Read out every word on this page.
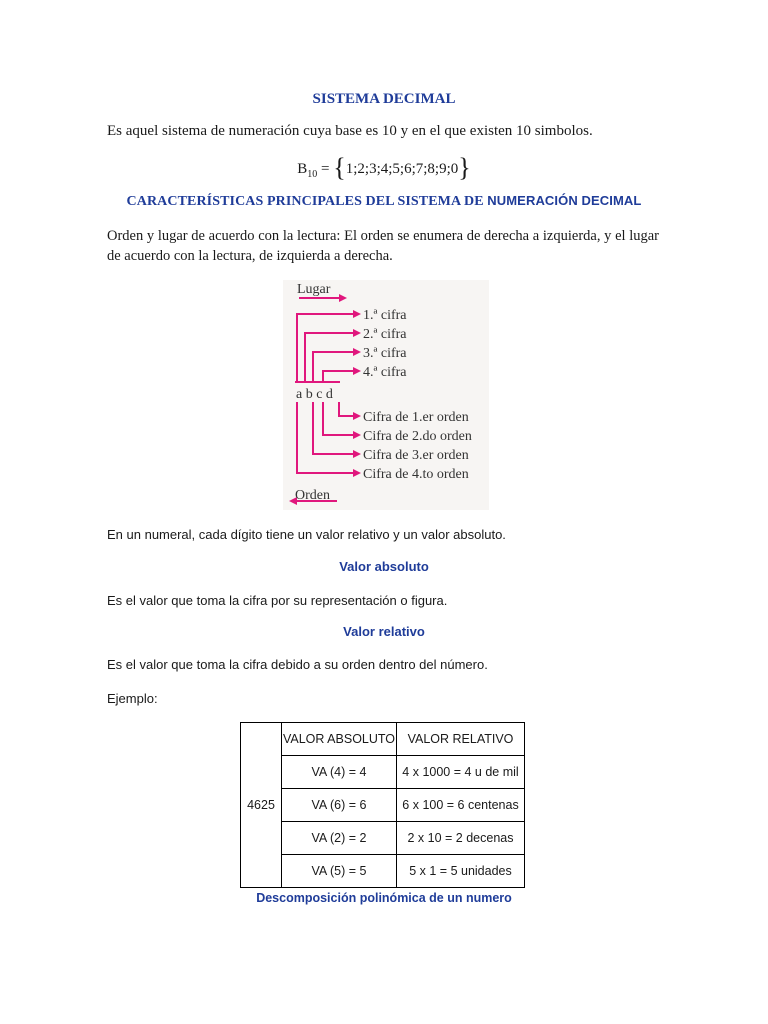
SISTEMA DECIMAL
Es aquel sistema de numeración cuya base es 10 y en el que existen 10 simbolos.
$B_{10}$ = {1;2;3;4;5;6;7;8;9;0}
CARACTERÍSTICAS PRINCIPALES DEL SISTEMA DE NUMERACIÓN DECIMAL
Orden y lugar de acuerdo con la lectura: El orden se enumera de derecha a izquierda, y el lugar de acuerdo con la lectura, de izquierda a derecha.
Lugar
Orden
a b c d
1.ª cifra
2.ª cifra
3.ª cifra
4.ª cifra
Cifra de 1.er orden
Cifra de 2.do orden
Cifra de 3.er orden
Cifra de 4.to orden
En un numeral, cada dígito tiene un valor relativo y un valor absoluto.
Valor absoluto
Es el valor que toma la cifra por su representación o figura.
Valor relativo
Es el valor que toma la cifra debido a su orden dentro del número.
Ejemplo:
4625	VALOR ABSOLUTO	VALOR RELATIVO
	VA (4) = 4	4 x 1000 = 4 u de mil
	VA (6) = 6	6 x 100 = 6 centenas
	VA (2) = 2	2 x 10 = 2 decenas
	VA (5) = 5	5 x 1 = 5 unidades
Descomposición polinómica de un numero
